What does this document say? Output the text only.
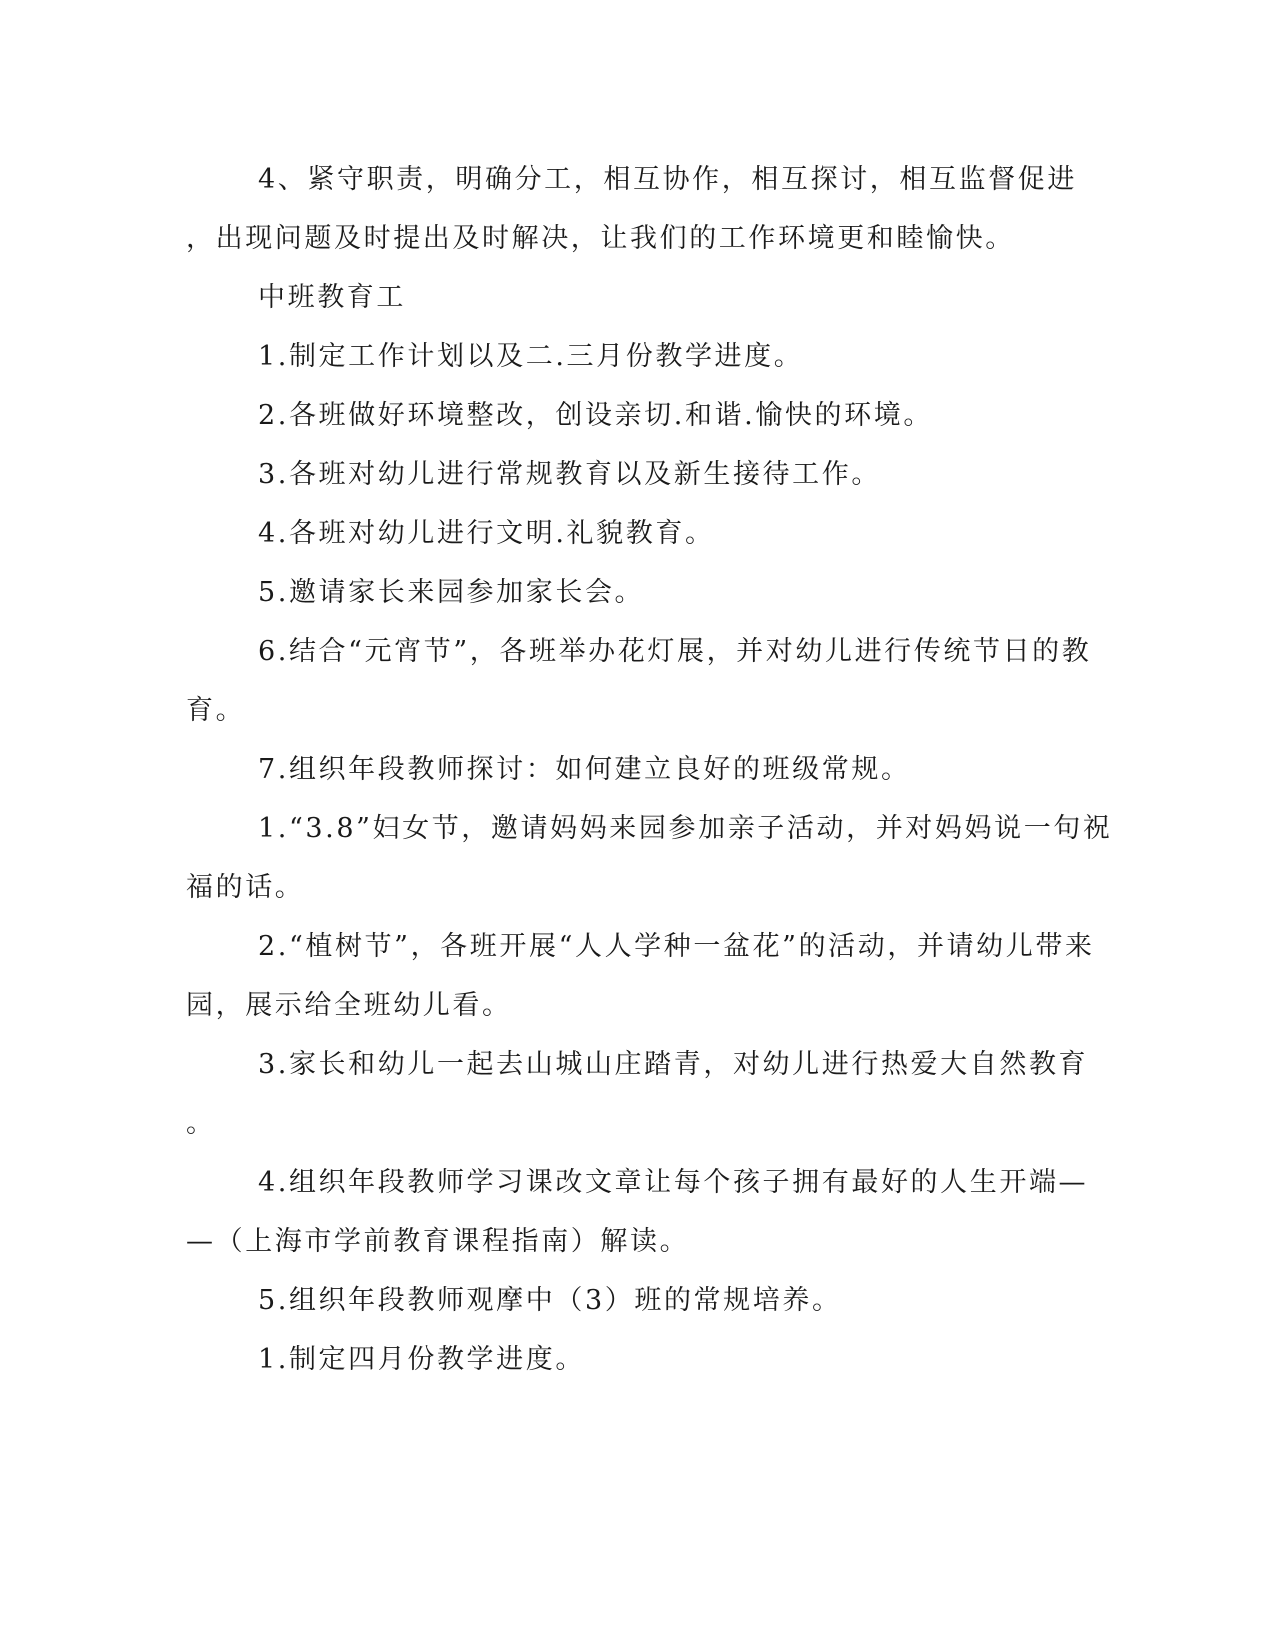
4、紧守职责，明确分工，相互协作，相互探讨，相互监督促进
，出现问题及时提出及时解决，让我们的工作环境更和睦愉快。
中班教育工
1.制定工作计划以及二.三月份教学进度。
2.各班做好环境整改，创设亲切.和谐.愉快的环境。
3.各班对幼儿进行常规教育以及新生接待工作。
4.各班对幼儿进行文明.礼貌教育。
5.邀请家长来园参加家长会。
6.结合“元宵节”，各班举办花灯展，并对幼儿进行传统节日的教
育。
7.组织年段教师探讨：如何建立良好的班级常规。
1.“3.8”妇女节，邀请妈妈来园参加亲子活动，并对妈妈说一句祝
福的话。
2.“植树节”，各班开展“人人学种一盆花”的活动，并请幼儿带来
园，展示给全班幼儿看。
3.家长和幼儿一起去山城山庄踏青，对幼儿进行热爱大自然教育
。
4.组织年段教师学习课改文章让每个孩子拥有最好的人生开端—
—（上海市学前教育课程指南）解读。
5.组织年段教师观摩中（3）班的常规培养。
1.制定四月份教学进度。
